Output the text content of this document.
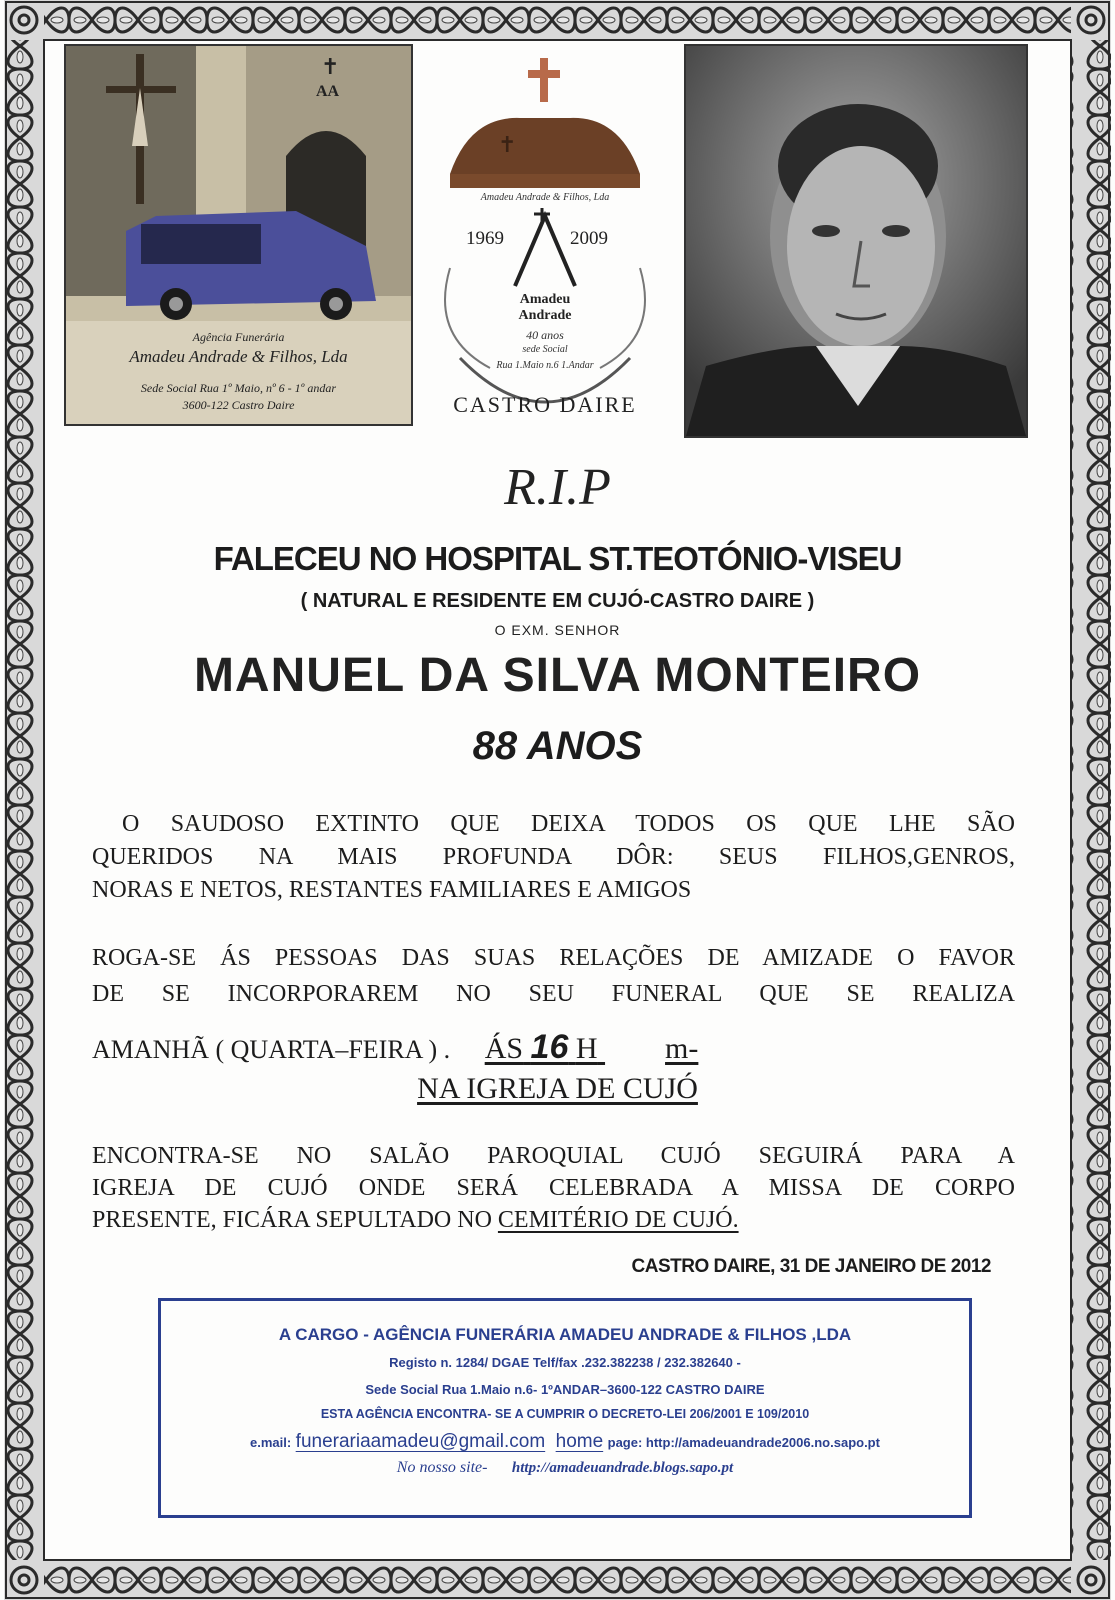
✝
AA
Agência Funerária
Amadeu Andrade & Filhos, Lda
Sede Social Rua 1º Maio, nº 6 - 1º andar
3600-122 Castro Daire
✝
Amadeu Andrade & Filhos, Lda
1969	2009
Amadeu
Andrade
40 anos
sede Social
Rua 1.Maio n.6 1.Andar
CASTRO DAIRE
R.I.P
FALECEU NO HOSPITAL ST.TEOTÓNIO-VISEU
( NATURAL E RESIDENTE EM CUJÓ-CASTRO DAIRE )
O EXM. SENHOR
MANUEL DA SILVA MONTEIRO
88 ANOS
O SAUDOSO EXTINTO QUE DEIXA TODOS OS QUE LHE SÃO
QUERIDOS NA MAIS PROFUNDA DÔR: SEUS FILHOS,GENROS,
NORAS E NETOS, RESTANTES FAMILIARES E AMIGOS
ROGA-SE ÁS PESSOAS DAS SUAS RELAÇÕES DE AMIZADE O FAVOR
DE SE INCORPORAREM NO SEU FUNERAL QUE SE REALIZA
AMANHÃ ( QUARTA–FEIRA ) . ÁS 16 H m-
NA IGREJA DE CUJÓ
ENCONTRA-SE NO SALÃO PAROQUIAL CUJÓ SEGUIRÁ PARA A
IGREJA DE CUJÓ ONDE SERÁ CELEBRADA A MISSA DE CORPO
PRESENTE, FICÁRA SEPULTADO NO CEMITÉRIO DE CUJÓ.
CASTRO DAIRE, 31 DE JANEIRO DE 2012
A CARGO - AGÊNCIA FUNERÁRIA AMADEU ANDRADE & FILHOS ,LDA
Registo n. 1284/ DGAE Telf/fax .232.382238 / 232.382640 -
Sede Social Rua 1.Maio n.6- 1ºANDAR–3600-122 CASTRO DAIRE
ESTA AGÊNCIA ENCONTRA- SE A CUMPRIR O DECRETO-LEI 206/2001 E 109/2010
e.mail: funerariaamadeu@gmail.com home page: http://amadeuandrade2006.no.sapo.pt
No nosso site- http://amadeuandrade.blogs.sapo.pt
